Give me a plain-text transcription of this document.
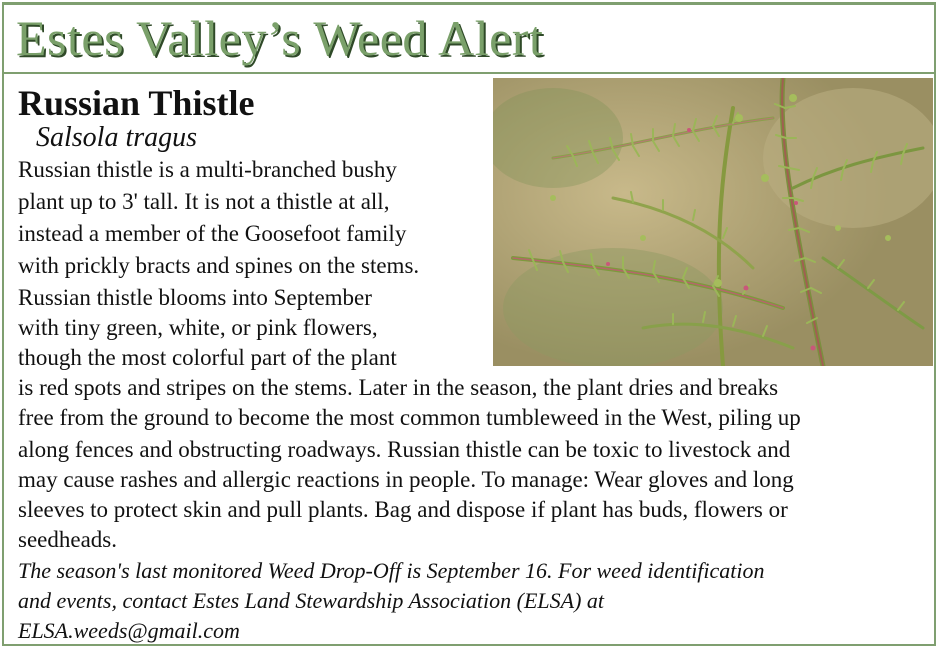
Estes Valley’s Weed Alert
Russian Thistle
Salsola tragus
Russian thistle is a multi-branched bushy
plant up to 3' tall. It is not a thistle at all,
instead a member of the Goosefoot family
with prickly bracts and spines on the stems.
Russian thistle blooms into September
with tiny green, white, or pink flowers,
though the most colorful part of the plant
is red spots and stripes on the stems. Later in the season, the plant dries and breaks
free from the ground to become the most common tumbleweed in the West, piling up
along fences and obstructing roadways. Russian thistle can be toxic to livestock and
may cause rashes and allergic reactions in people. To manage: Wear gloves and long
sleeves to protect skin and pull plants. Bag and dispose if plant has buds, flowers or
seedheads.
The season's last monitored Weed Drop-Off is September 16. For weed identification
and events, contact Estes Land Stewardship Association (ELSA) at
ELSA.weeds@gmail.com
